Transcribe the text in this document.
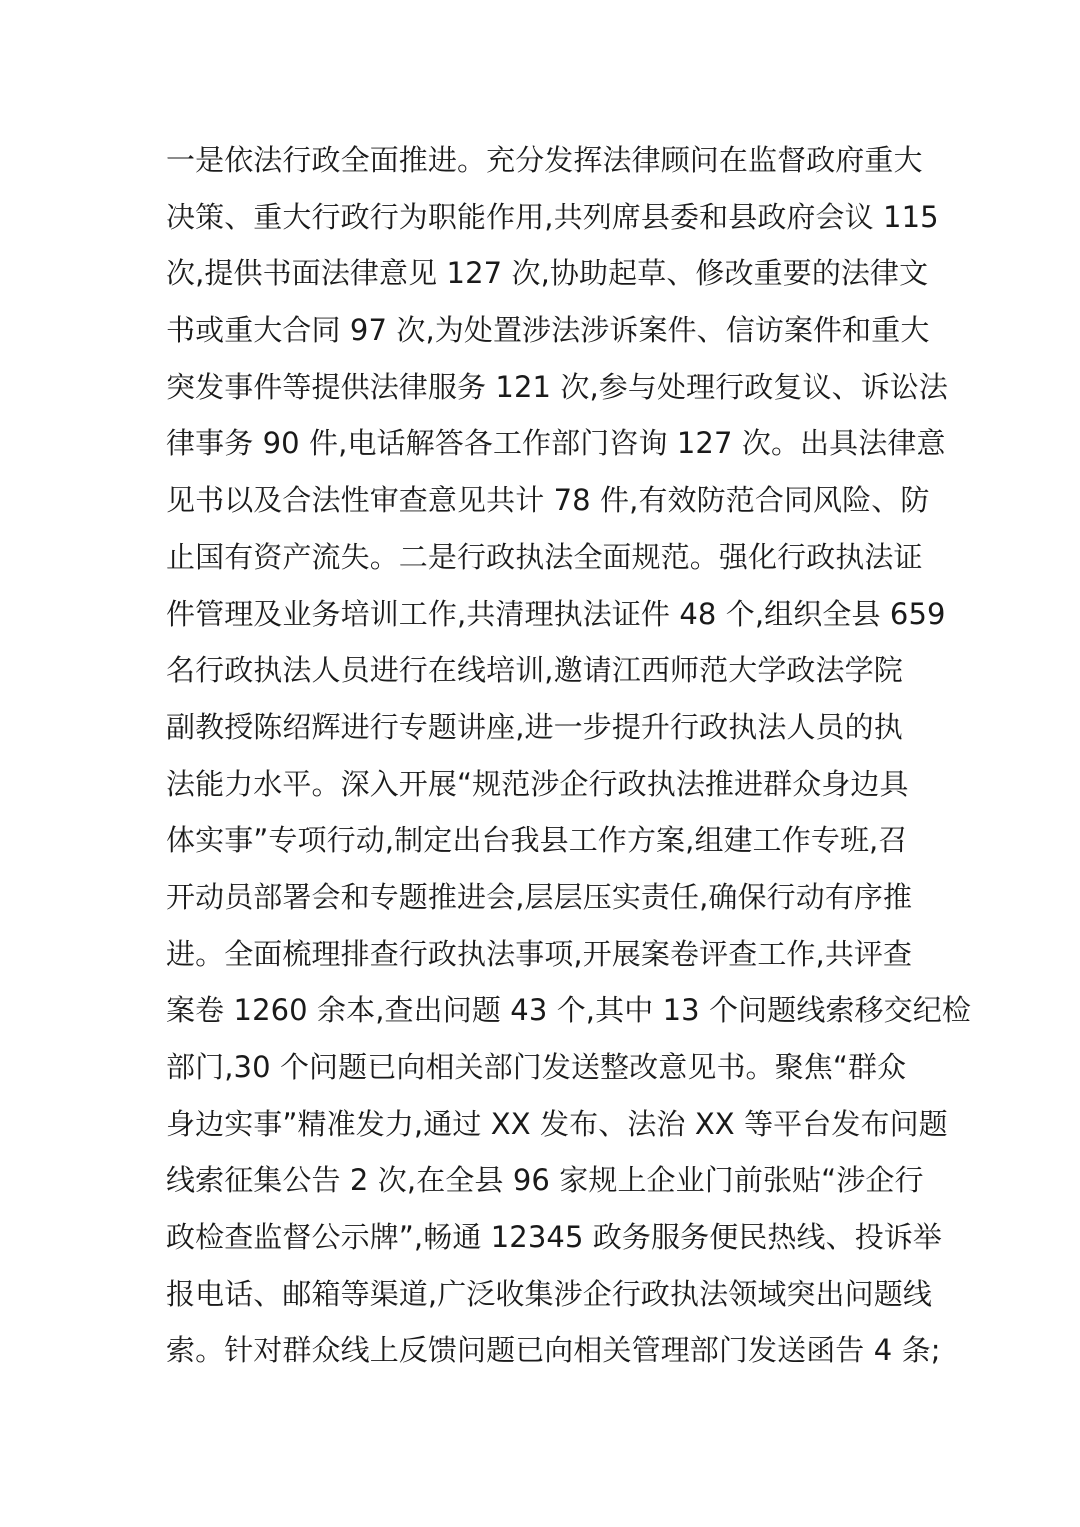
一是依法行政全面推进。充分发挥法律顾问在监督政府重大
决策、重大行政行为职能作用,共列席县委和县政府会议 115
次,提供书面法律意见 127 次,协助起草、修改重要的法律文
书或重大合同 97 次,为处置涉法涉诉案件、信访案件和重大
突发事件等提供法律服务 121 次,参与处理行政复议、诉讼法
律事务 90 件,电话解答各工作部门咨询 127 次。出具法律意
见书以及合法性审查意见共计 78 件,有效防范合同风险、防
止国有资产流失。二是行政执法全面规范。强化行政执法证
件管理及业务培训工作,共清理执法证件 48 个,组织全县 659
名行政执法人员进行在线培训,邀请江西师范大学政法学院
副教授陈绍辉进行专题讲座,进一步提升行政执法人员的执
法能力水平。深入开展“规范涉企行政执法推进群众身边具
体实事”专项行动,制定出台我县工作方案,组建工作专班,召
开动员部署会和专题推进会,层层压实责任,确保行动有序推
进。全面梳理排查行政执法事项,开展案卷评查工作,共评查
案卷 1260 余本,查出问题 43 个,其中 13 个问题线索移交纪检
部门,30 个问题已向相关部门发送整改意见书。聚焦“群众
身边实事”精准发力,通过 XX 发布、法治 XX 等平台发布问题
线索征集公告 2 次,在全县 96 家规上企业门前张贴“涉企行
政检查监督公示牌”,畅通 12345 政务服务便民热线、投诉举
报电话、邮箱等渠道,广泛收集涉企行政执法领域突出问题线
索。针对群众线上反馈问题已向相关管理部门发送函告 4 条;
